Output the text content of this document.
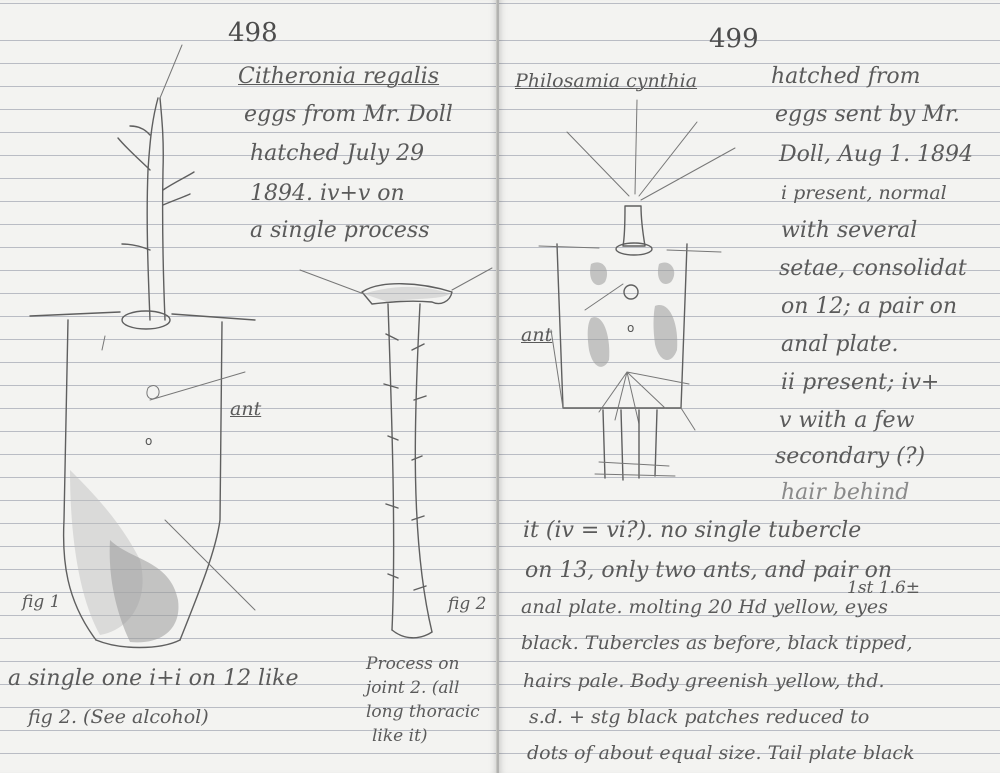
498
Citheronia regalis
eggs from Mr. Doll
hatched July 29
1894. iv+v on
a single process
ant
fig 1	fig 2
a single one i+i on 12 like
fig 2. (See alcohol)
Process on
joint 2. (all
long thoracic
like it)
o
499
Philosamia cynthia	hatched from
eggs sent by Mr.
Doll, Aug 1. 1894
i present, normal
with several
setae, consolidat
on 12; a pair on
anal plate.
ii present; iv+
v with a few
secondary (?)
hair behind
ant
it (iv = vi?). no single tubercle
on 13, only two ants, and pair on
1st 1.6±
anal plate. molting 20 Hd yellow, eyes
black. Tubercles as before, black tipped,
hairs pale. Body greenish yellow, thd.
s.d. + stg black patches reduced to
dots of about equal size. Tail plate black
o
